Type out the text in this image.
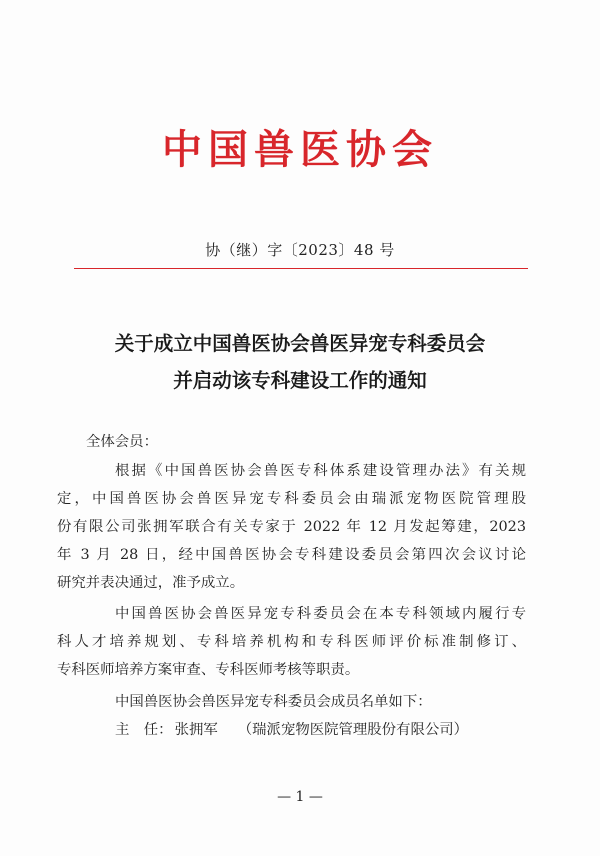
中国兽医协会
协（继）字〔2023〕48 号
关于成立中国兽医协会兽医异宠专科委员会
并启动该专科建设工作的通知
全体会员：
根据《中国兽医协会兽医专科体系建设管理办法》有关规
定，中国兽医协会兽医异宠专科委员会由瑞派宠物医院管理股
份有限公司张拥军联合有关专家于 2022 年 12 月发起筹建，2023
年 3 月 28 日，经中国兽医协会专科建设委员会第四次会议讨论
研究并表决通过，准予成立。
中国兽医协会兽医异宠专科委员会在本专科领域内履行专
科人才培养规划、专科培养机构和专科医师评价标准制修订、
专科医师培养方案审查、专科医师考核等职责。
中国兽医协会兽医异宠专科委员会成员名单如下：
主　任： 张拥军 （瑞派宠物医院管理股份有限公司）
— 1 —
